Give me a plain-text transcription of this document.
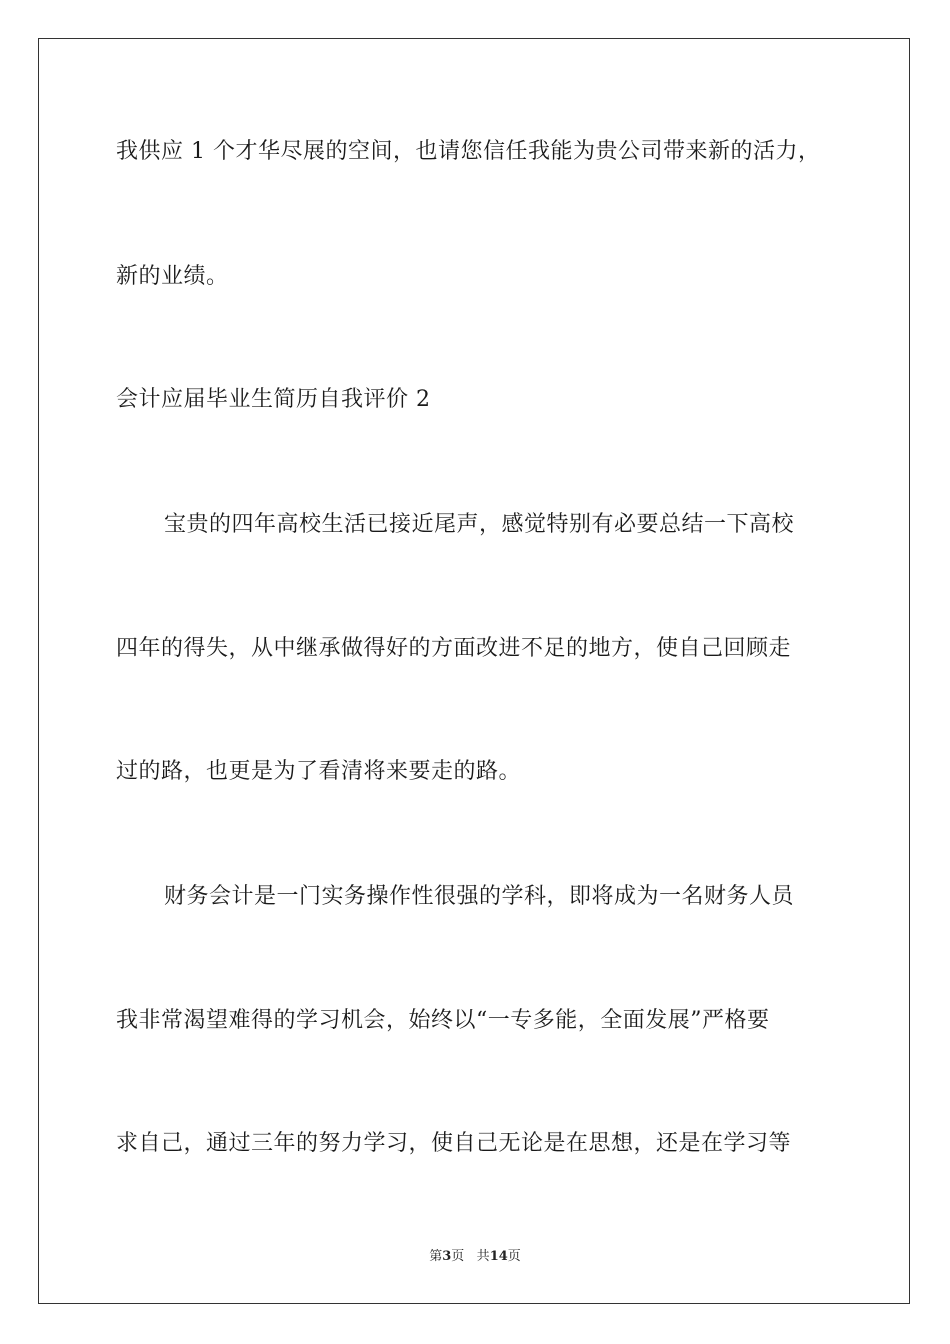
我供应 1 个才华尽展的空间，也请您信任我能为贵公司带来新的活力，
新的业绩。
会计应届毕业生简历自我评价 2
宝贵的四年高校生活已接近尾声，感觉特别有必要总结一下高校
四年的得失，从中继承做得好的方面改进不足的地方，使自己回顾走
过的路，也更是为了看清将来要走的路。
财务会计是一门实务操作性很强的学科，即将成为一名财务人员
我非常渴望难得的学习机会，始终以“一专多能，全面发展”严格要
求自己，通过三年的努力学习，使自己无论是在思想，还是在学习等
第3页 共14页
